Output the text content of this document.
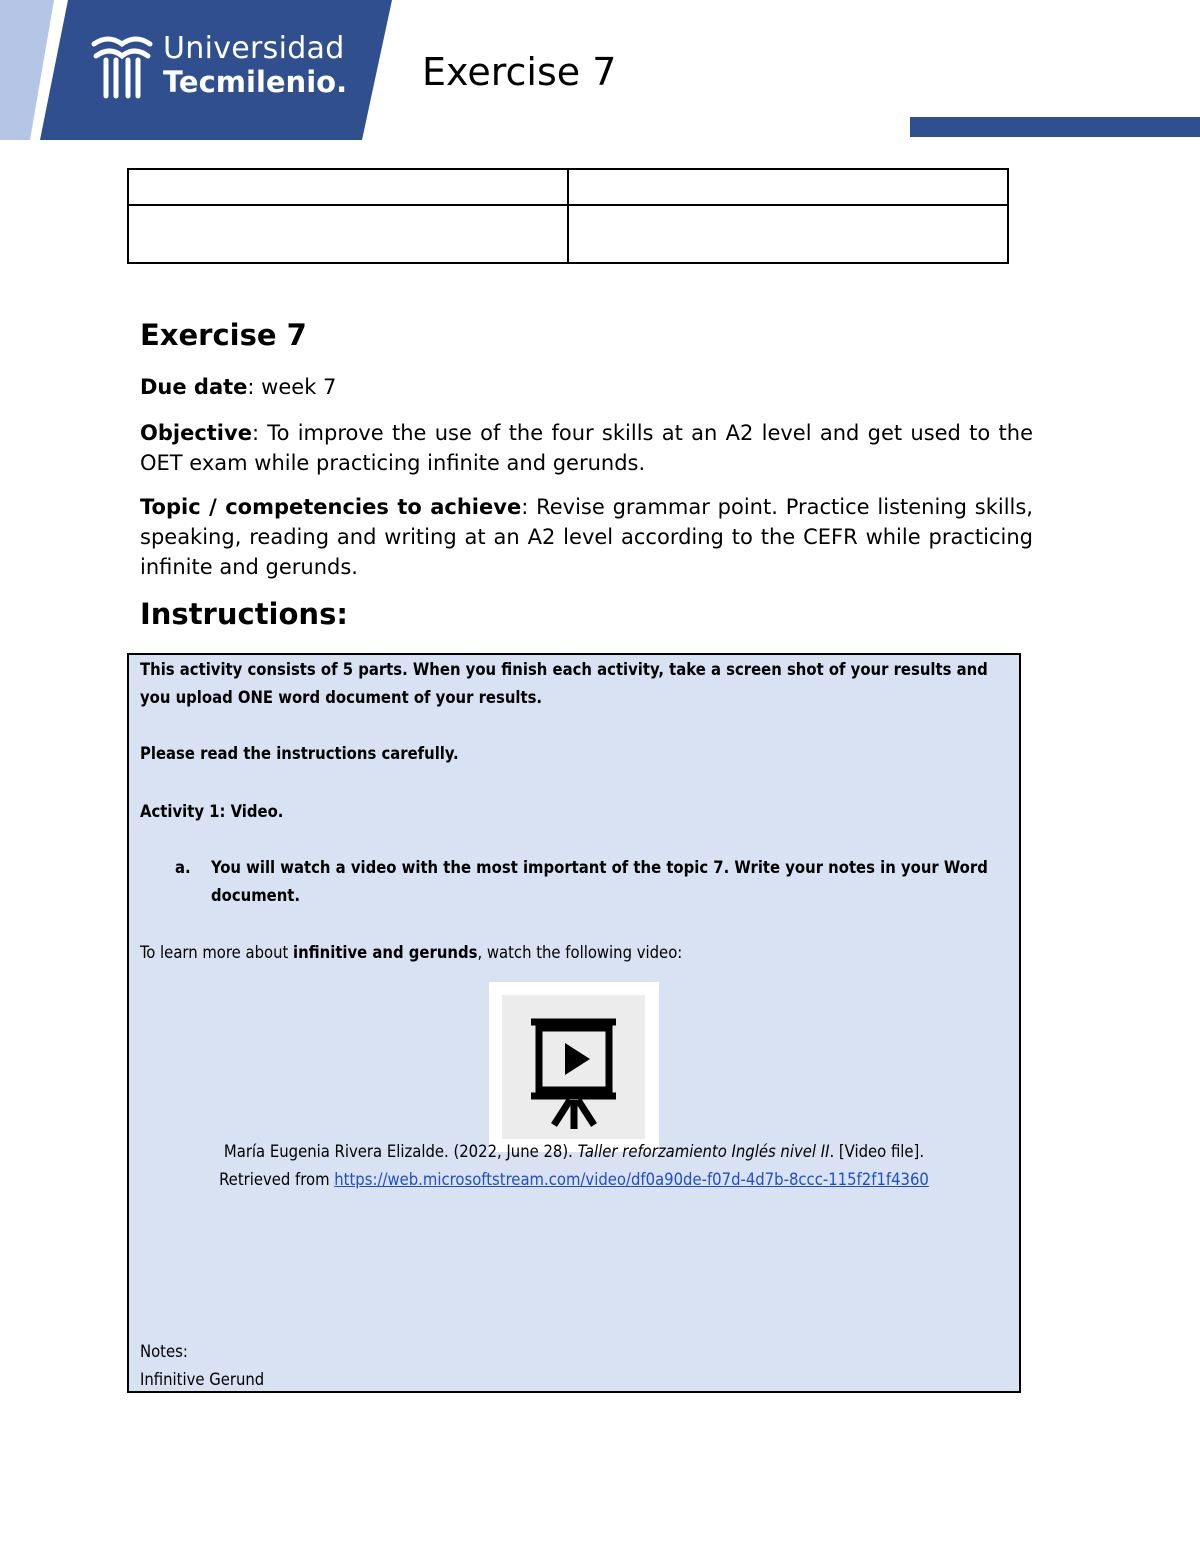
Universidad
Tecmilenio. Exercise 7

Exercise 7

Due date: week 7

Objective: To improve the use of the four skills at an A2 level and get used to the OET exam while practicing infinite and gerunds.

Topic / competencies to achieve: Revise grammar point. Practice listening skills, speaking, reading and writing at an A2 level according to the CEFR while practicing infinite and gerunds.

Instructions:

This activity consists of 5 parts. When you finish each activity, take a screen shot of your results and you upload ONE word document of your results.

Please read the instructions carefully.

Activity 1: Video.

a. You will watch a video with the most important of the topic 7. Write your notes in your Word document.

To learn more about infinitive and gerunds, watch the following video:

María Eugenia Rivera Elizalde. (2022, June 28). Taller reforzamiento Inglés nivel II. [Video file].
Retrieved from https://web.microsoftstream.com/video/df0a90de-f07d-4d7b-8ccc-115f2f1f4360

Notes:

Infinitive Gerund
